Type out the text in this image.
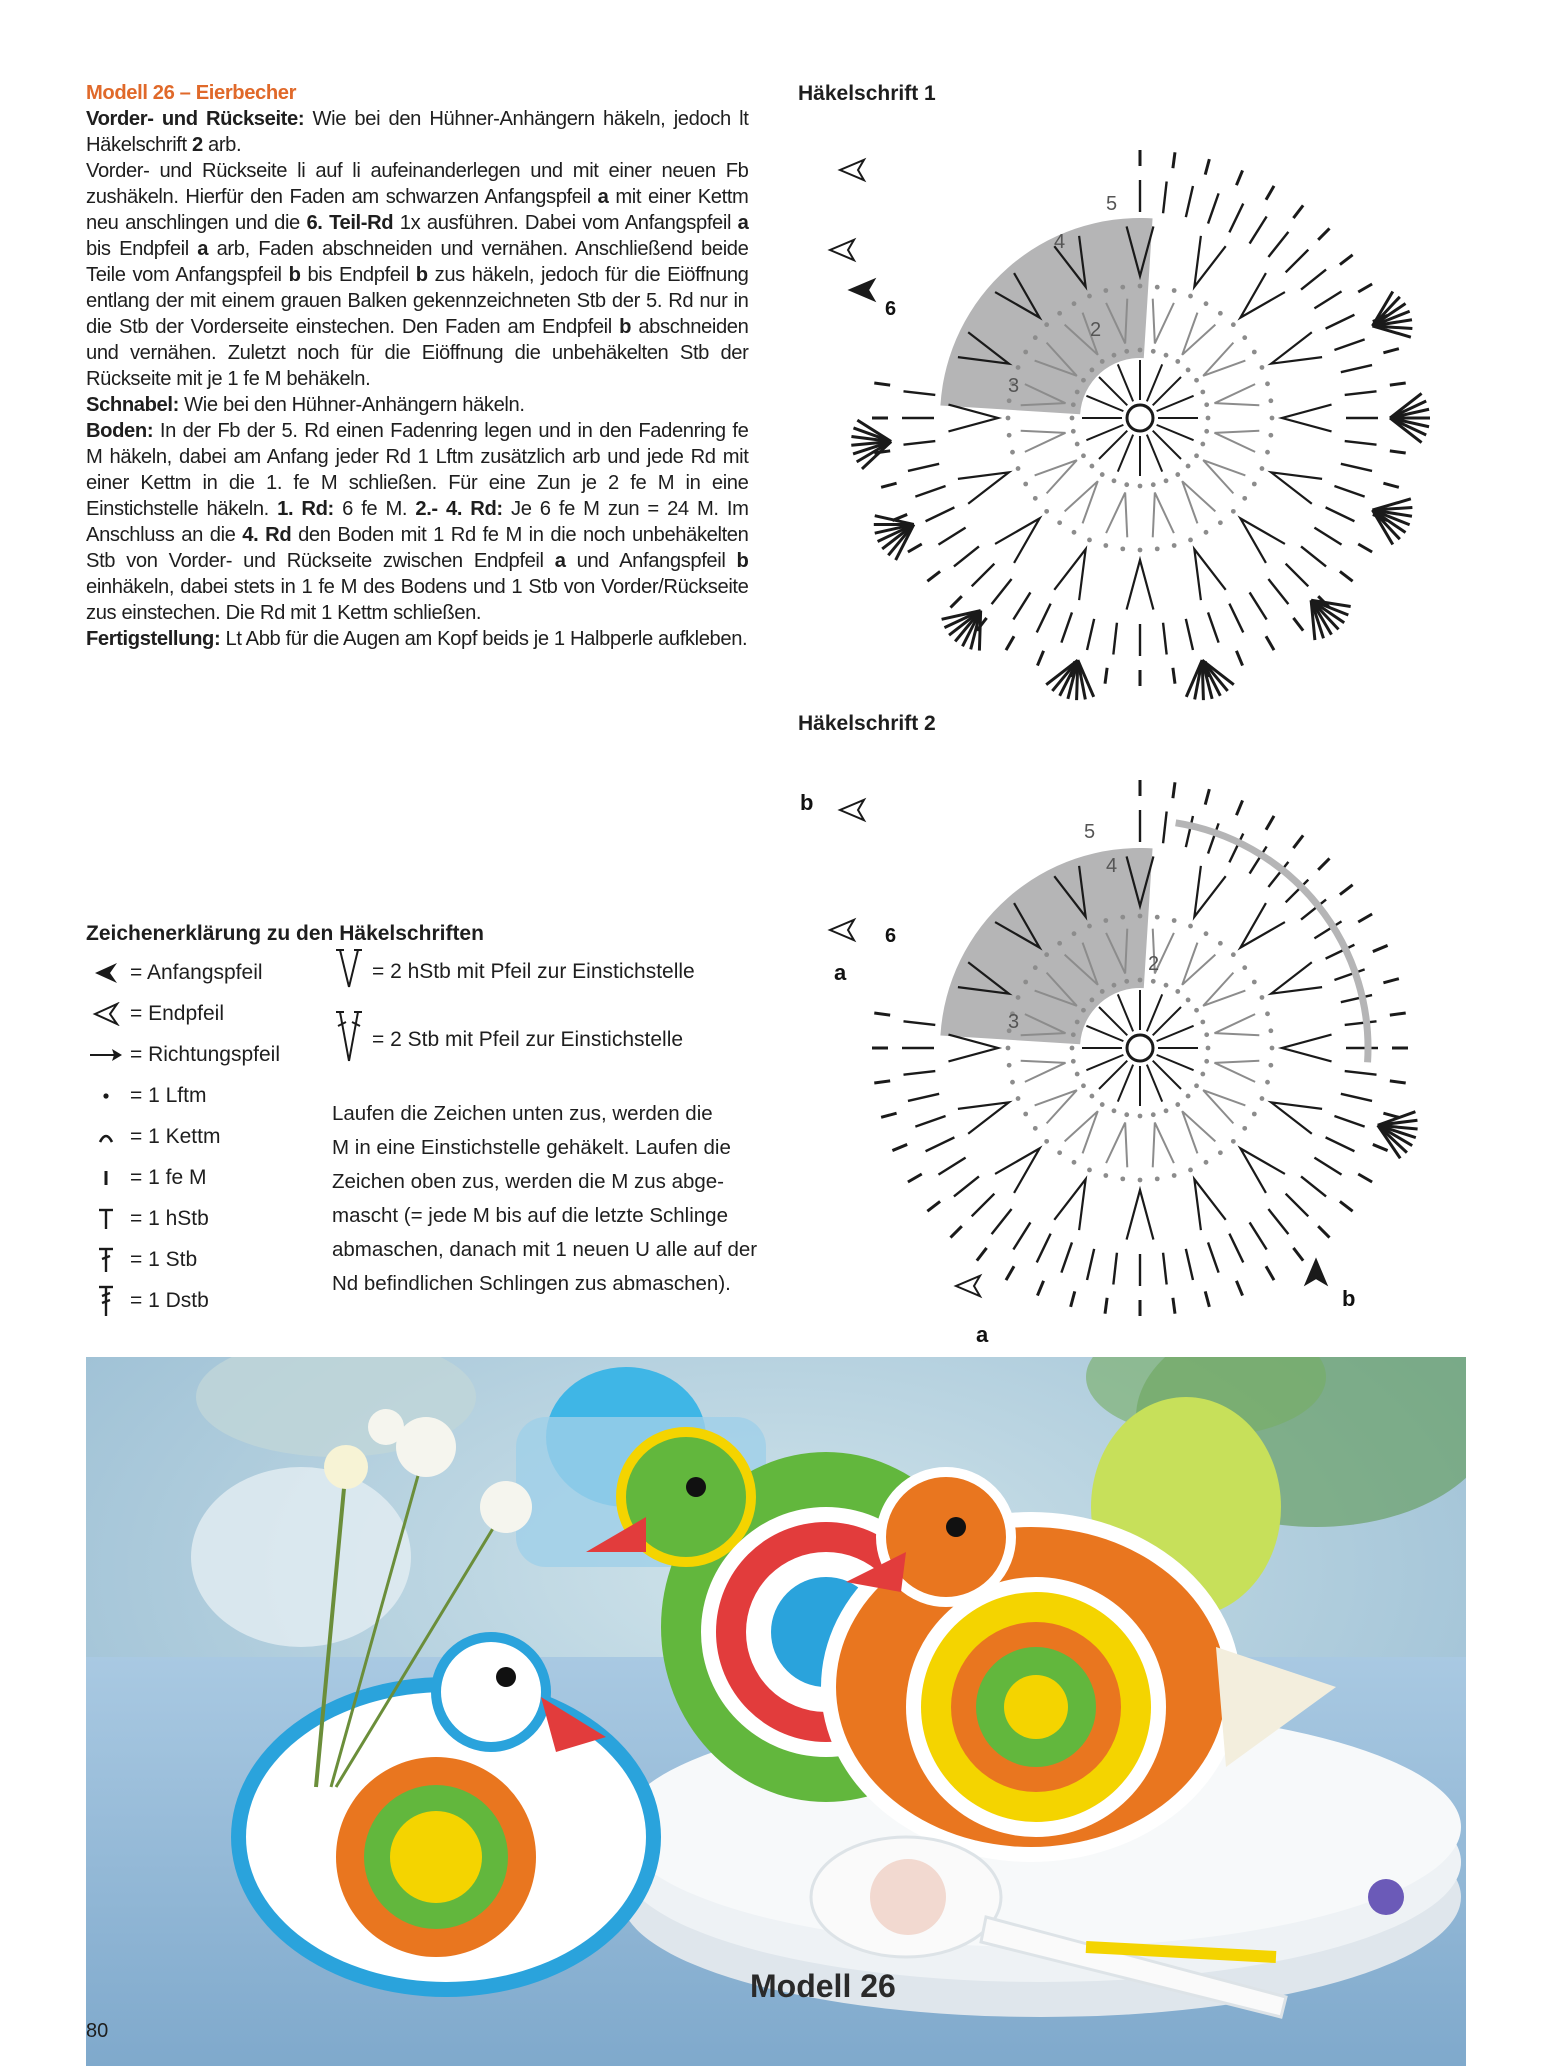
Modell 26 – Eierbecher

Vorder- und Rückseite: Wie bei den Hühner-Anhängern häkeln, jedoch lt Häkelschrift 2 arb.

Vorder- und Rückseite li auf li aufeinanderlegen und mit einer neuen Fb zushäkeln. Hierfür den Faden am schwarzen Anfangspfeil a mit einer Kettm neu anschlingen und die 6. Teil-Rd 1x ausführen. Dabei vom Anfangspfeil a bis Endpfeil a arb, Faden abschneiden und vernähen. Anschließend beide Teile vom Anfangspfeil b bis Endpfeil b zus häkeln, jedoch für die Eiöffnung entlang der mit einem grauen Balken gekennzeichneten Stb der 5. Rd nur in die Stb der Vorderseite einstechen. Den Faden am Endpfeil b abschneiden und vernähen. Zuletzt noch für die Eiöffnung die unbehäkelten Stb der Rückseite mit je 1 fe M behäkeln.

Schnabel: Wie bei den Hühner-Anhängern häkeln.

Boden: In der Fb der 5. Rd einen Fadenring legen und in den Fadenring fe M häkeln, dabei am Anfang jeder Rd 1 Lftm zusätzlich arb und jede Rd mit einer Kettm in die 1. fe M schließen. Für eine Zun je 2 fe M in eine Einstichstelle häkeln. 1. Rd: 6 fe M. 2.- 4. Rd: Je 6 fe M zun = 24 M. Im Anschluss an die 4. Rd den Boden mit 1 Rd fe M in die noch unbehäkelten Stb von Vorder- und Rückseite zwischen Endpfeil a und Anfangspfeil b einhäkeln, dabei stets in 1 fe M des Bodens und 1 Stb von Vorder/Rückseite zus einstechen. Die Rd mit 1 Kettm schließen.

Fertigstellung: Lt Abb für die Augen am Kopf beids je 1 Halbperle aufkleben.

Zeichenerklärung zu den Häkelschriften
= Anfangspfeil
= Endpfeil
= Richtungspfeil
= 1 Lftm
= 1 Kettm
= 1 fe M
= 1 hStb
= 1 Stb
= 1 Dstb
= 2 hStb mit Pfeil zur Einstichstelle
= 2 Stb mit Pfeil zur Einstichstelle
Laufen die Zeichen unten zus, werden die
M in eine Einstichstelle gehäkelt. Laufen die
Zeichen oben zus, werden die M zus abge-
mascht (= jede M bis auf die letzte Schlinge
abmaschen, danach mit 1 neuen U alle auf der
Nd befindlichen Schlingen zus abmaschen).
Häkelschrift 1
Häkelschrift 2
2
3
4
5
6
2
3
4
5
6
b
a
a
b
Modell 26
80
